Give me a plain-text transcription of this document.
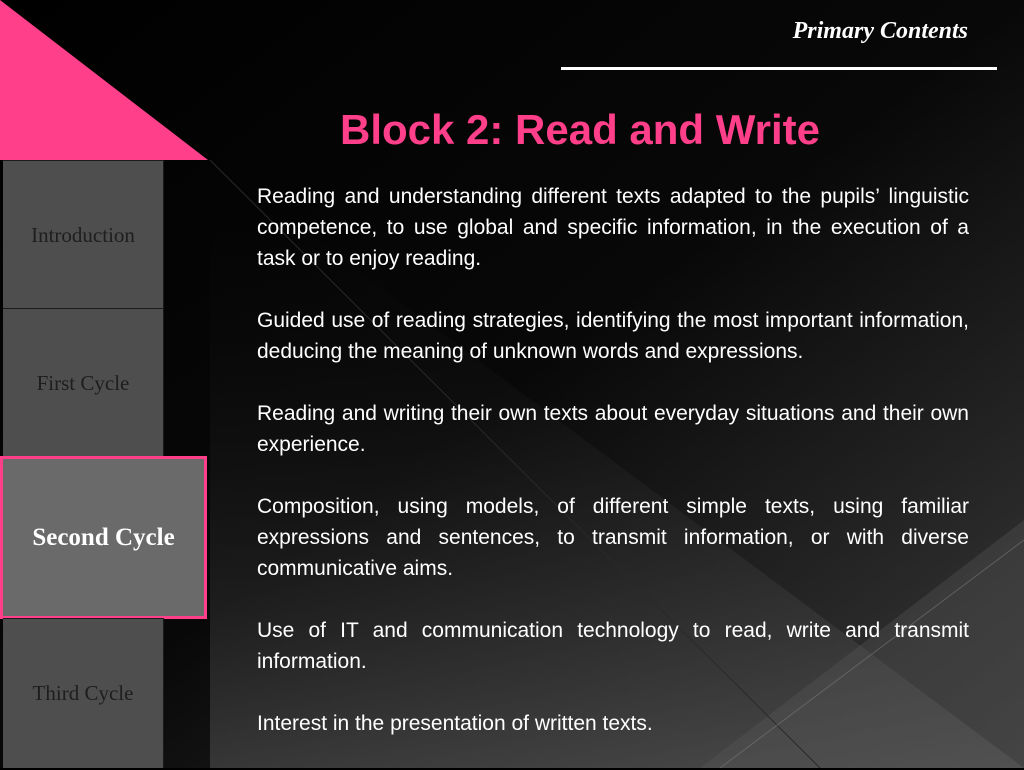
Primary Contents
Block 2: Read and Write
Introduction
First Cycle
Second Cycle
Third Cycle

Reading and understanding different texts adapted to the pupils’ linguistic competence, to use global and specific information, in the execution of a task or to enjoy reading.

Guided use of reading strategies, identifying the most important information, deducing the meaning of unknown words and expressions.

Reading and writing their own texts about everyday situations and their own experience.

Composition, using models, of different simple texts, using familiar expressions and sentences, to transmit information, or with diverse communicative aims.

Use of IT and communication technology to read, write and transmit information.

Interest in the presentation of written texts.
